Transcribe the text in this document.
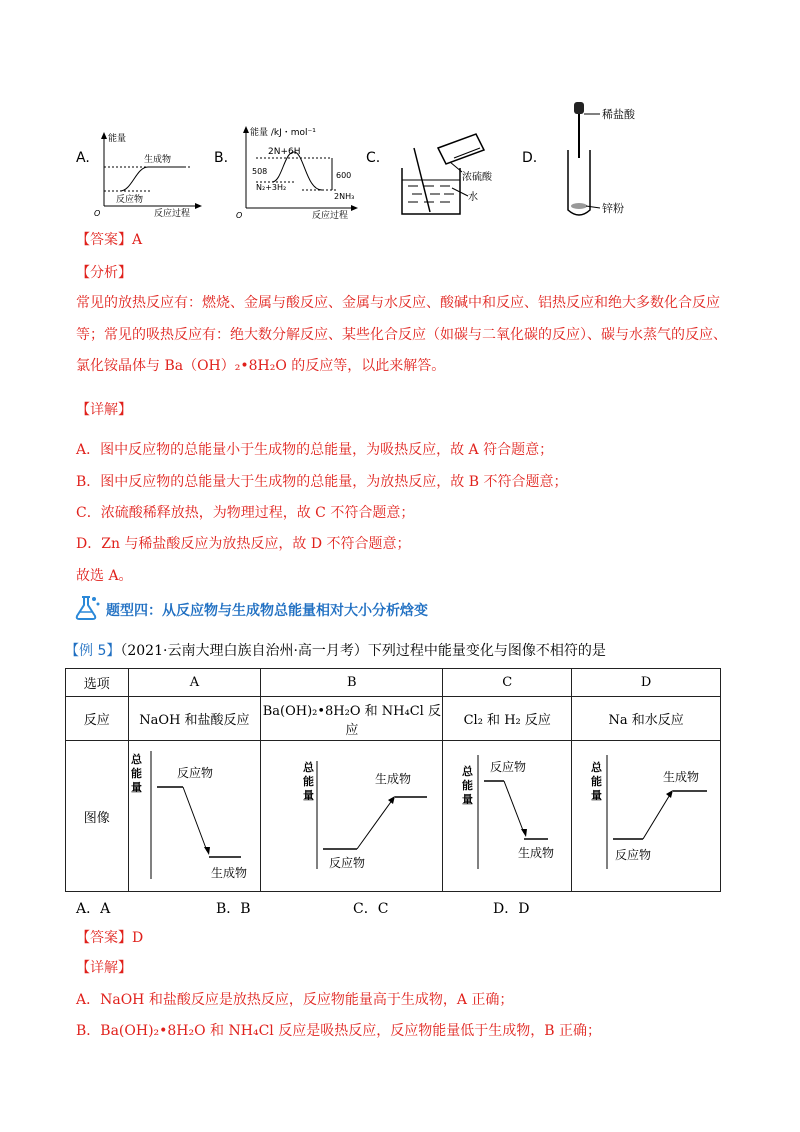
A.
能量
反应过程
O
生成物
反应物
B.
能量 /kJ・mol⁻¹
O	反应过程
2N+6H
508	600
N₂+3H₂
2NH₃
C.
浓硫酸
水
D.
稀盐酸
锌粉
【答案】A
【分析】
常见的放热反应有：燃烧、金属与酸反应、金属与水反应、酸碱中和反应、铝热反应和绝大多数化合反应
等；常见的吸热反应有：绝大数分解反应、某些化合反应（如碳与二氧化碳的反应）、碳与水蒸气的反应、
氯化铵晶体与 Ba（OH）₂•8H₂O 的反应等，以此来解答。
【详解】
A．图中反应物的总能量小于生成物的总能量，为吸热反应，故 A 符合题意；
B．图中反应物的总能量大于生成物的总能量，为放热反应，故 B 不符合题意；
C．浓硫酸稀释放热，为物理过程，故 C 不符合题意；
D．Zn 与稀盐酸反应为放热反应，故 D 不符合题意；
故选 A。
题型四：从反应物与生成物总能量相对大小分析焓变
【例 5】（2021·云南大理白族自治州·高一月考）下列过程中能量变化与图像不相符的是
选项	A	B	C	D
反应	NaOH 和盐酸反应	Ba(OH)₂•8H₂O 和 NH₄Cl 反应	Cl₂ 和 H₂ 反应	Na 和水反应
图像	总
能
量
反应物
生成物	总
能
量
生成物
反应物	总
能
量
反应物
生成物	总
能
量
生成物
反应物
A．A	B．B	C．C	D．D
【答案】D
【详解】
A．NaOH 和盐酸反应是放热反应，反应物能量高于生成物，A 正确；
B．Ba(OH)₂•8H₂O 和 NH₄Cl 反应是吸热反应，反应物能量低于生成物，B 正确；
